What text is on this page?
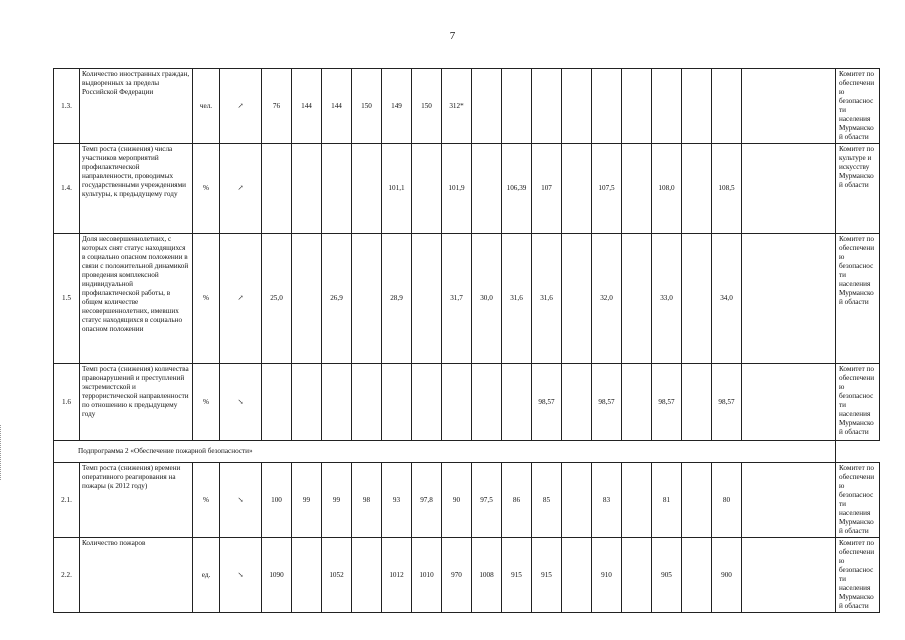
7
1.3.	Количество иностранных граждан, выдворенных за пределы Российской Федерации	чел.	↗	76	144	144	150	149	150	312*											Комитет по обеспечению безопасности населения Мурманской области
1.4.	Темп роста (снижения) числа участников мероприятий профилактической направленности, проводимых государственными учреждениями культуры, к предыдущему году	%	↗					101,1		101,9		106,39	107		107,5		108,0		108,5		Комитет по культуре и искусству Мурманской области
1.5	Доля несовершеннолетних, с которых снят статус находящихся в социально опасном положении в связи с положительной динамикой проведения комплексной индивидуальной профилактической работы, в общем количестве несовершеннолетних, имевших статус находящихся в социально опасном положении	%	↗	25,0		26,9		28,9		31,7	30,0	31,6	31,6		32,0		33,0		34,0		Комитет по обеспечению безопасности населения Мурманской области
1.6	Темп роста (снижения) количества правонарушений и преступлений экстремистской и террористической направленности по отношению к предыдущему году	%	↘										98,57		98,57		98,57		98,57		Комитет по обеспечению безопасности населения Мурманской области
Подпрограмма 2 «Обеспечение пожарной безопасности»																					
2.1.	Темп роста (снижения) времени оперативного реагирования на пожары (к 2012 году)	%	↘	100	99	99	98	93	97,8	90	97,5	86	85		83		81		80		Комитет по обеспечению безопасности населения Мурманской области
2.2.	Количество пожаров	ед.	↘	1090		1052		1012	1010	970	1008	915	915		910		905		900		Комитет по обеспечению безопасности населения Мурманской области
